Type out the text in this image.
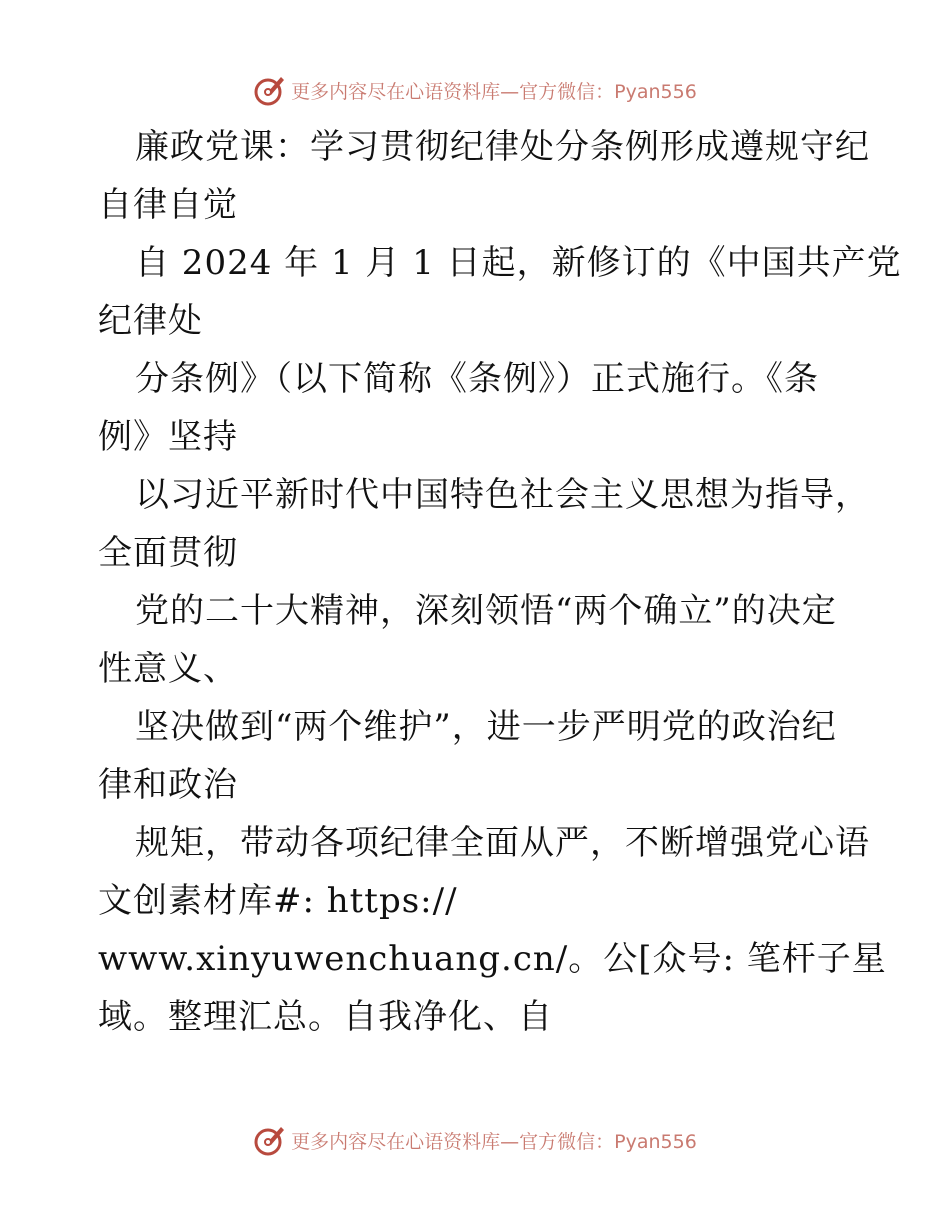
更多内容尽在心语资料库—官方微信：Pyan556
廉政党课：学习贯彻纪律处分条例形成遵规守纪
自律自觉
自 2024 年 1 月 1 日起，新修订的《中国共产党
纪律处
分条例》（以下简称《条例》）正式施行。《条
例》坚持
以习近平新时代中国特色社会主义思想为指导，
全面贯彻
党的二十大精神，深刻领悟“两个确立”的决定
性意义、
坚决做到“两个维护”，进一步严明党的政治纪
律和政治
规矩，带动各项纪律全面从严，不断增强党心语
文创素材库#: https://
www.xinyuwenchuang.cn/。公[众号: 笔杆子星
域。整理汇总。自我净化、自
更多内容尽在心语资料库—官方微信：Pyan556
